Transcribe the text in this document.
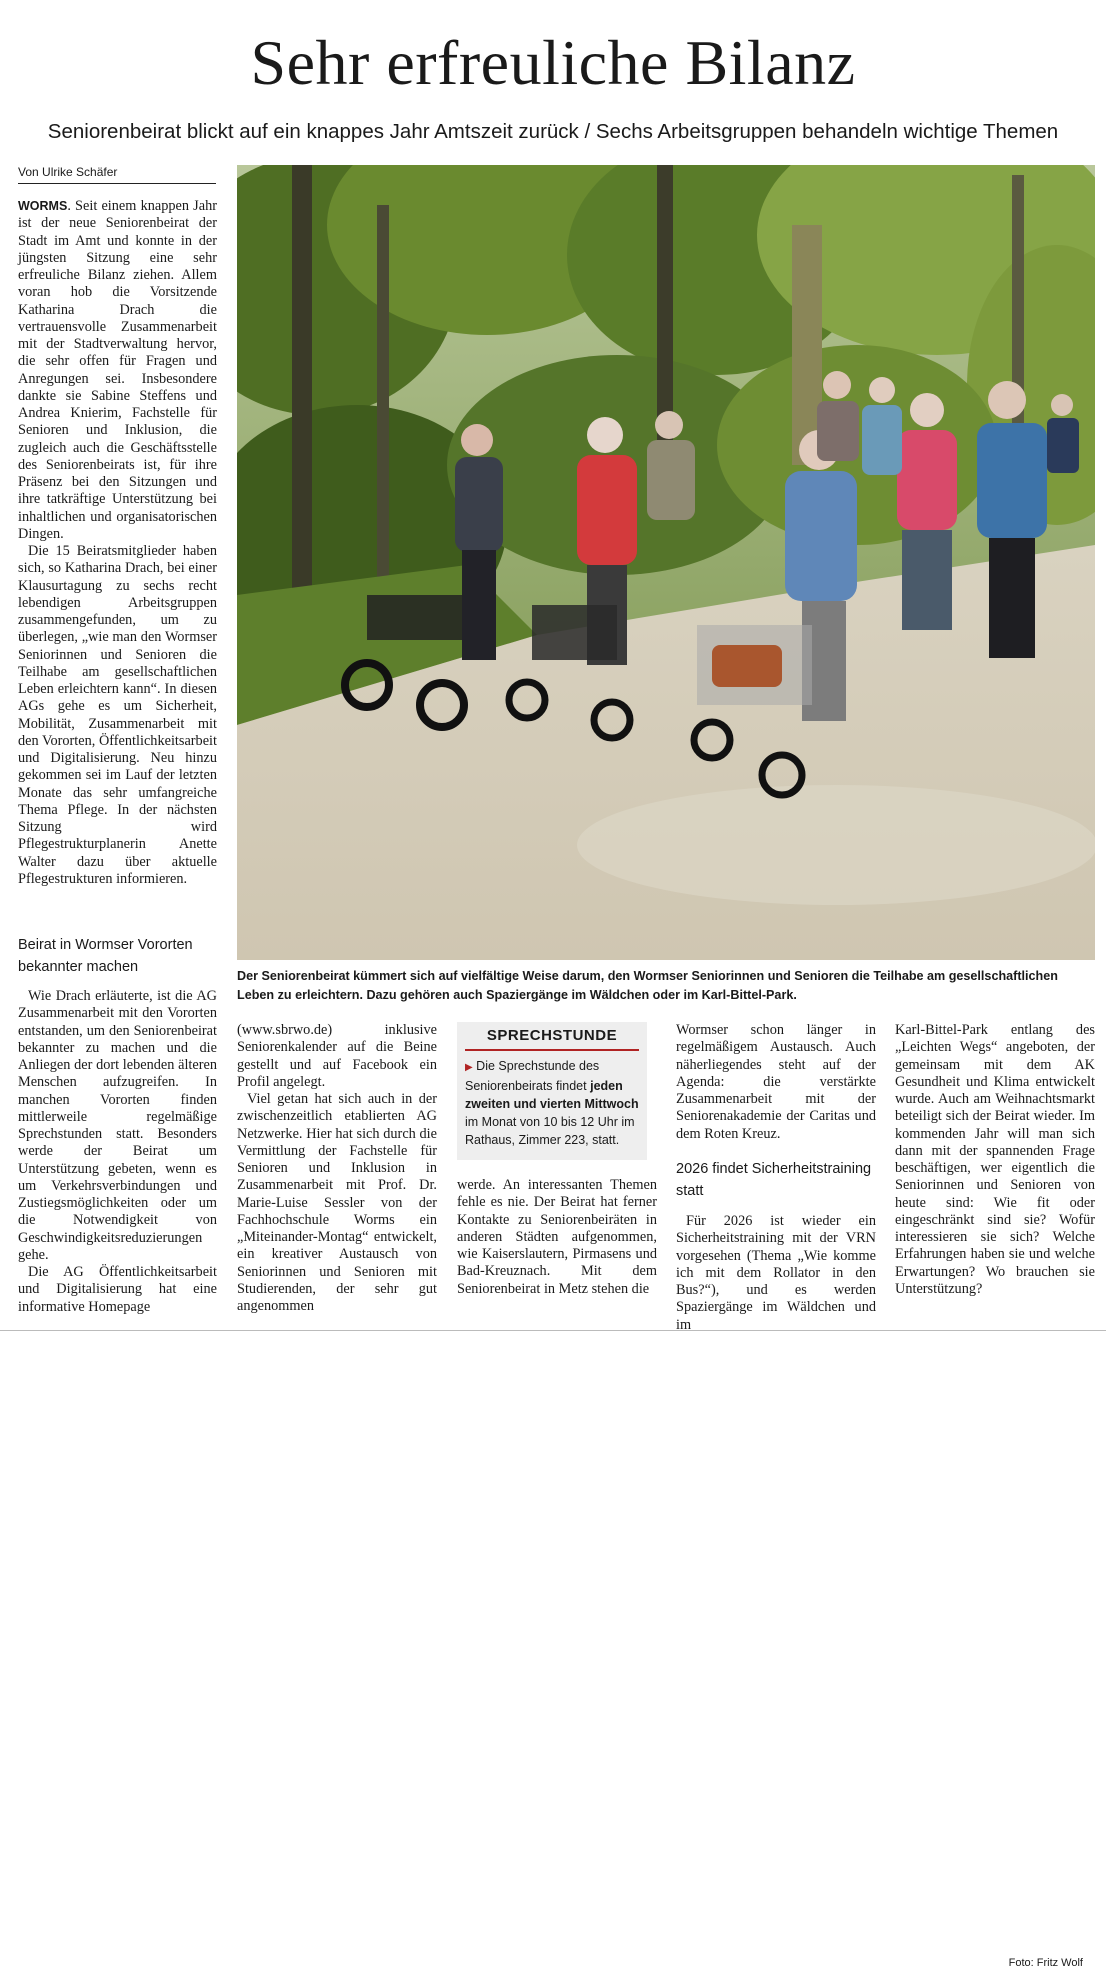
Sehr erfreuliche Bilanz
Seniorenbeirat blickt auf ein knappes Jahr Amtszeit zurück / Sechs Arbeitsgruppen behandeln wichtige Themen
Von Ulrike Schäfer

WORMS. Seit einem knappen Jahr ist der neue Seniorenbeirat der Stadt im Amt und konnte in der jüngsten Sitzung eine sehr erfreuliche Bilanz ziehen. Allem voran hob die Vorsitzende Katharina Drach die vertrauensvolle Zusammenarbeit mit der Stadtverwaltung hervor, die sehr offen für Fragen und Anregungen sei. Insbesondere dankte sie Sabine Steffens und Andrea Knierim, Fachstelle für Senioren und Inklusion, die zugleich auch die Geschäftsstelle des Seniorenbeirats ist, für ihre Präsenz bei den Sitzungen und ihre tatkräftige Unterstützung bei inhaltlichen und organisatorischen Dingen.

Die 15 Beiratsmitglieder haben sich, so Katharina Drach, bei einer Klausurtagung zu sechs recht lebendigen Arbeitsgruppen zusammengefunden, um zu überlegen, „wie man den Wormser Seniorinnen und Senioren die Teilhabe am gesellschaftlichen Leben erleichtern kann“. In diesen AGs gehe es um Sicherheit, Mobilität, Zusammenarbeit mit den Vororten, Öffentlichkeitsarbeit und Digitalisierung. Neu hinzu gekommen sei im Lauf der letzten Monate das sehr umfangreiche Thema Pflege. In der nächsten Sitzung wird Pflegestrukturplanerin Anette Walter dazu über aktuelle Pflegestrukturen informieren.

Beirat in Wormser Vororten bekannter machen

Wie Drach erläuterte, ist die AG Zusammenarbeit mit den Vororten entstanden, um den Seniorenbeirat bekannter zu machen und die Anliegen der dort lebenden älteren Menschen aufzugreifen. In manchen Vororten finden mittlerweile regelmäßige Sprechstunden statt. Besonders werde der Beirat um Unterstützung gebeten, wenn es um Verkehrsverbindungen und Zustiegsmöglichkeiten oder um die Notwendigkeit von Geschwindigkeitsreduzierungen gehe.

Die AG Öffentlichkeitsarbeit und Digitalisierung hat eine informative Homepage

Der Seniorenbeirat kümmert sich auf vielfältige Weise darum, den Wormser Seniorinnen und Senioren die Teilhabe am gesellschaftlichen Leben zu erleichtern. Dazu gehören auch Spaziergänge im Wäldchen oder im Karl-Bittel-Park.
Foto: Fritz Wolf

(www.sbrwo.de) inklusive Seniorenkalender auf die Beine gestellt und auf Facebook ein Profil angelegt.

Viel getan hat sich auch in der zwischenzeitlich etablierten AG Netzwerke. Hier hat sich durch die Vermittlung der Fachstelle für Senioren und Inklusion in Zusammenarbeit mit Prof. Dr. Marie-Luise Sessler von der Fachhochschule Worms ein „Miteinander-Montag“ entwickelt, ein kreativer Austausch von Seniorinnen und Senioren mit Studierenden, der sehr gut angenommen

SPRECHSTUNDE
▶ Die Sprechstunde des Seniorenbeirats findet jeden zweiten und vierten Mittwoch im Monat von 10 bis 12 Uhr im Rathaus, Zimmer 223, statt.

werde. An interessanten Themen fehle es nie. Der Beirat hat ferner Kontakte zu Seniorenbeiräten in anderen Städten aufgenommen, wie Kaiserslautern, Pirmasens und Bad-Kreuznach. Mit dem Seniorenbeirat in Metz stehen die

Wormser schon länger in regelmäßigem Austausch. Auch näherliegendes steht auf der Agenda: die verstärkte Zusammenarbeit mit der Seniorenakademie der Caritas und dem Roten Kreuz.

2026 findet Sicherheitstraining statt

Für 2026 ist wieder ein Sicherheitstraining mit der VRN vorgesehen (Thema „Wie komme ich mit dem Rollator in den Bus?“), und es werden Spaziergänge im Wäldchen und im

Karl-Bittel-Park entlang des „Leichten Wegs“ angeboten, der gemeinsam mit dem AK Gesundheit und Klima entwickelt wurde. Auch am Weihnachtsmarkt beteiligt sich der Beirat wieder. Im kommenden Jahr will man sich dann mit der spannenden Frage beschäftigen, wer eigentlich die Seniorinnen und Senioren von heute sind: Wie fit oder eingeschränkt sind sie? Wofür interessieren sie sich? Welche Erfahrungen haben sie und welche Erwartungen? Wo brauchen sie Unterstützung?
